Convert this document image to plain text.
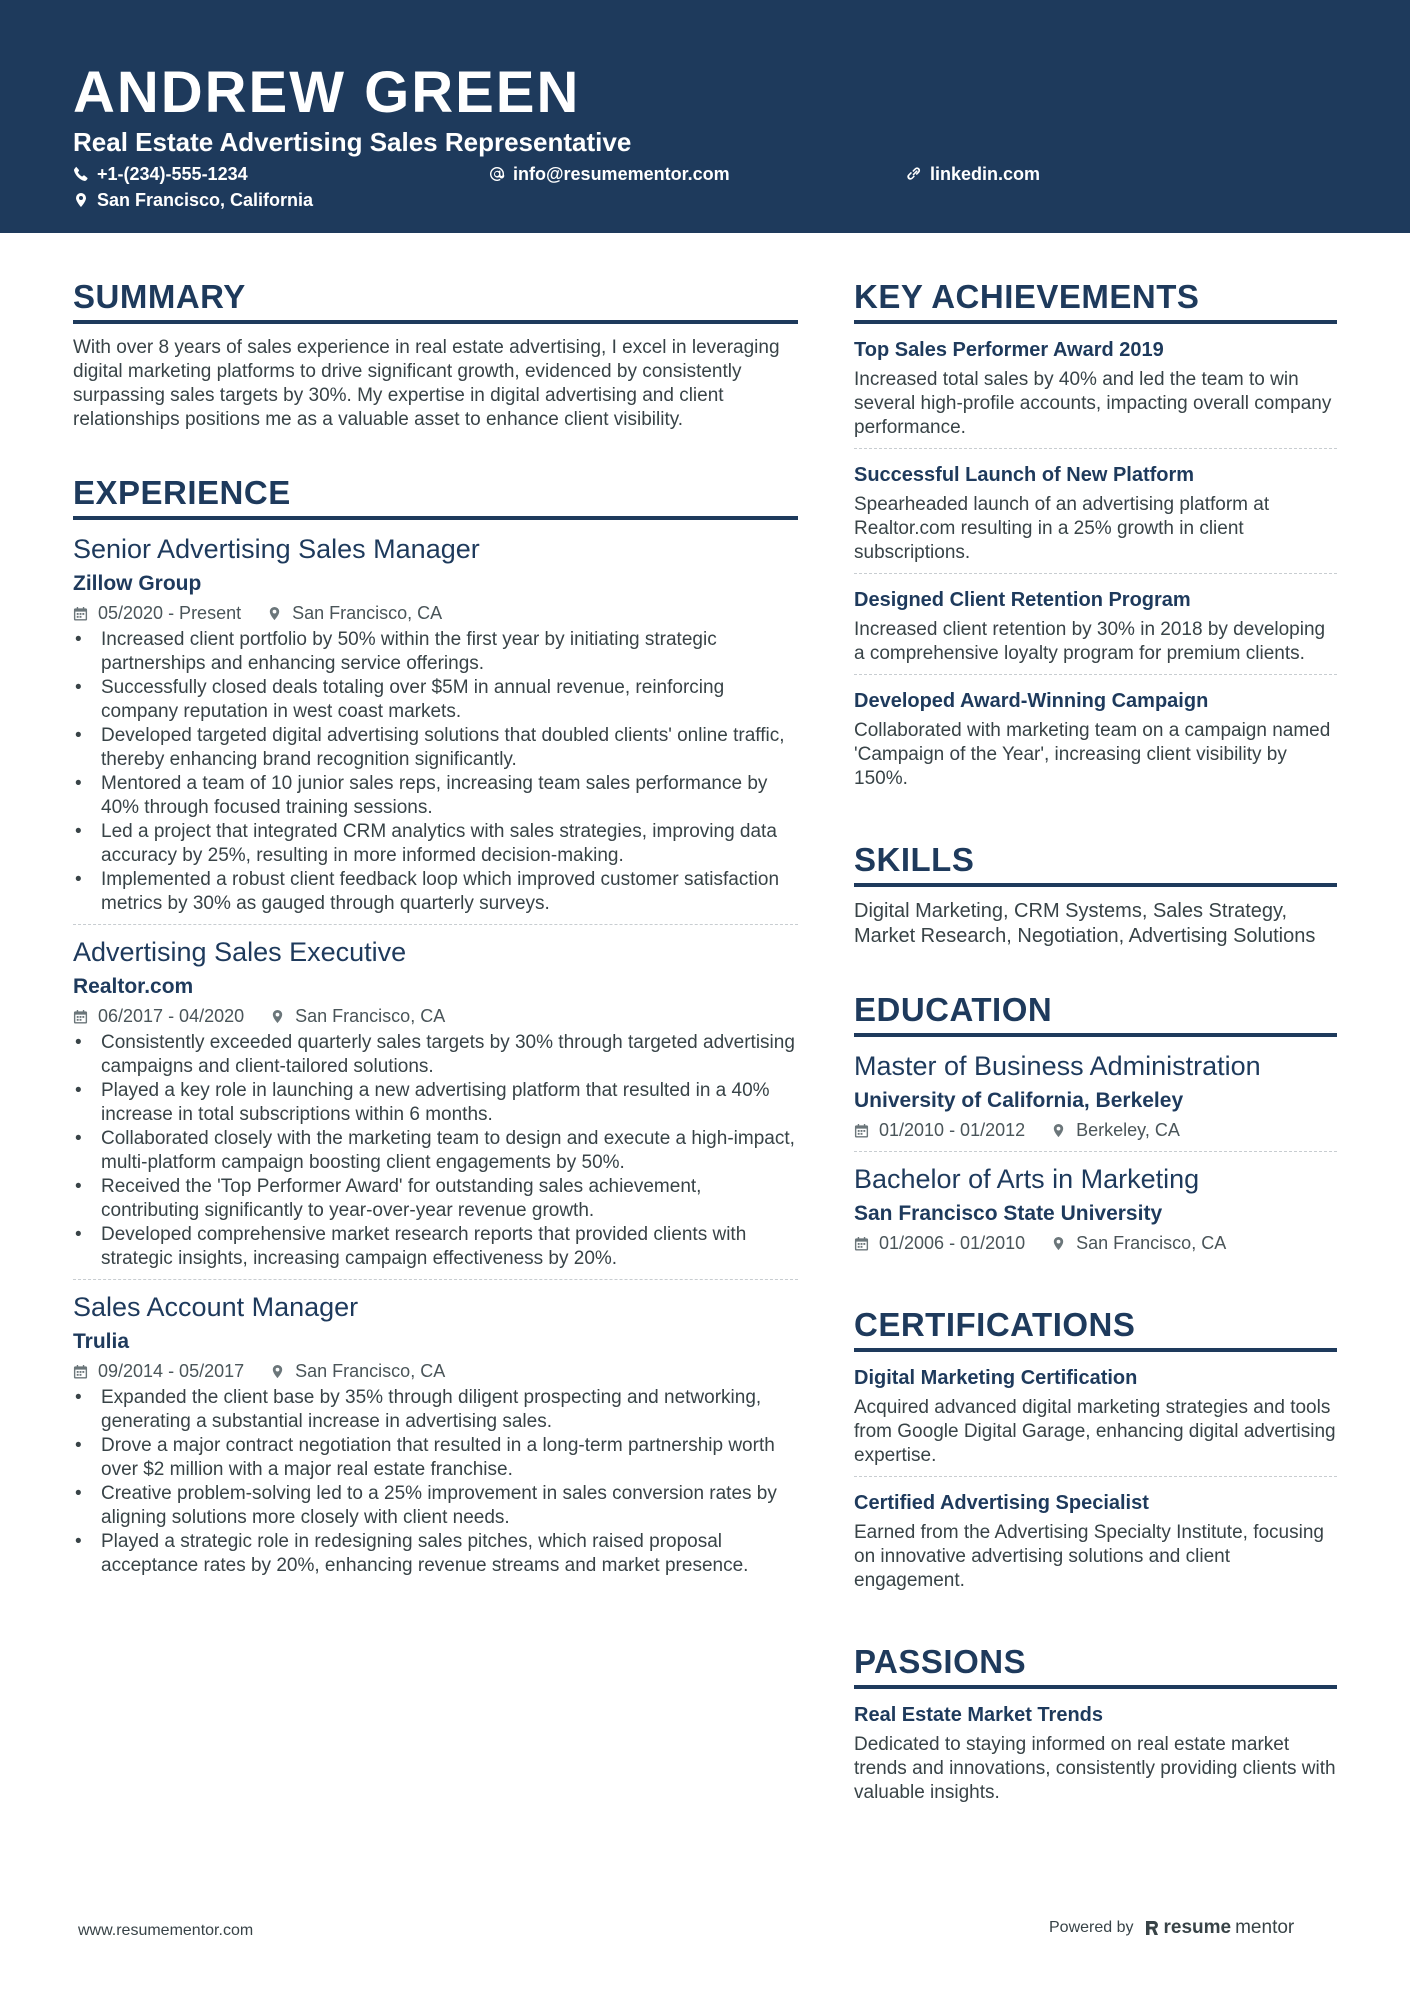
ANDREW GREEN
Real Estate Advertising Sales Representative
+1-(234)-555-1234	info@resumementor.com	linkedin.com
San Francisco, California
SUMMARY

With over 8 years of sales experience in real estate advertising, I excel in leveraging digital marketing platforms to drive significant growth, evidenced by consistently surpassing sales targets by 30%. My expertise in digital advertising and client relationships positions me as a valuable asset to enhance client visibility.

EXPERIENCE
Senior Advertising Sales Manager
Zillow Group
05/2020 - Present	San Francisco, CA
• Increased client portfolio by 50% within the first year by initiating strategic partnerships and enhancing service offerings.
• Successfully closed deals totaling over $5M in annual revenue, reinforcing company reputation in west coast markets.
• Developed targeted digital advertising solutions that doubled clients' online traffic, thereby enhancing brand recognition significantly.
• Mentored a team of 10 junior sales reps, increasing team sales performance by 40% through focused training sessions.
• Led a project that integrated CRM analytics with sales strategies, improving data accuracy by 25%, resulting in more informed decision-making.
• Implemented a robust client feedback loop which improved customer satisfaction metrics by 30% as gauged through quarterly surveys.
Advertising Sales Executive
Realtor.com
06/2017 - 04/2020	San Francisco, CA
• Consistently exceeded quarterly sales targets by 30% through targeted advertising campaigns and client-tailored solutions.
• Played a key role in launching a new advertising platform that resulted in a 40% increase in total subscriptions within 6 months.
• Collaborated closely with the marketing team to design and execute a high-impact, multi-platform campaign boosting client engagements by 50%.
• Received the 'Top Performer Award' for outstanding sales achievement, contributing significantly to year-over-year revenue growth.
• Developed comprehensive market research reports that provided clients with strategic insights, increasing campaign effectiveness by 20%.
Sales Account Manager
Trulia
09/2014 - 05/2017	San Francisco, CA
• Expanded the client base by 35% through diligent prospecting and networking, generating a substantial increase in advertising sales.
• Drove a major contract negotiation that resulted in a long-term partnership worth over $2 million with a major real estate franchise.
• Creative problem-solving led to a 25% improvement in sales conversion rates by aligning solutions more closely with client needs.
• Played a strategic role in redesigning sales pitches, which raised proposal acceptance rates by 20%, enhancing revenue streams and market presence.
KEY ACHIEVEMENTS
Top Sales Performer Award 2019

Increased total sales by 40% and led the team to win several high-profile accounts, impacting overall company performance.

Successful Launch of New Platform

Spearheaded launch of an advertising platform at Realtor.com resulting in a 25% growth in client subscriptions.

Designed Client Retention Program

Increased client retention by 30% in 2018 by developing a comprehensive loyalty program for premium clients.

Developed Award-Winning Campaign

Collaborated with marketing team on a campaign named 'Campaign of the Year', increasing client visibility by 150%.

SKILLS

Digital Marketing, CRM Systems, Sales Strategy, Market Research, Negotiation, Advertising Solutions

EDUCATION
Master of Business Administration
University of California, Berkeley
01/2010 - 01/2012	Berkeley, CA
Bachelor of Arts in Marketing
San Francisco State University
01/2006 - 01/2010	San Francisco, CA
CERTIFICATIONS
Digital Marketing Certification

Acquired advanced digital marketing strategies and tools from Google Digital Garage, enhancing digital advertising expertise.

Certified Advertising Specialist

Earned from the Advertising Specialty Institute, focusing on innovative advertising solutions and client engagement.

PASSIONS
Real Estate Market Trends

Dedicated to staying informed on real estate market trends and innovations, consistently providing clients with valuable insights.

www.resumementor.com	Powered by resume mentor
